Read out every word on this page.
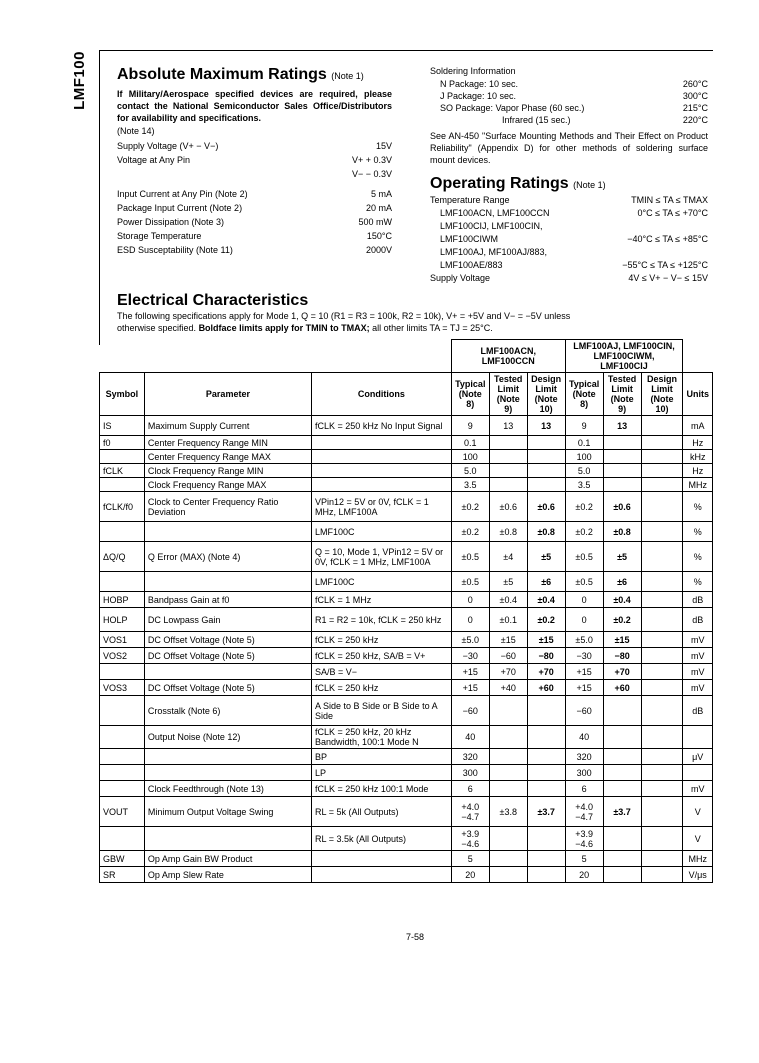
LMF100 Absolute Maximum Ratings (Note 1)
If Military/Aerospace specified devices are required, please contact the National Semiconductor Sales Office/Distributors for availability and specifications.
(Note 14)
Supply Voltage (V+ − V−)	15V
Voltage at Any Pin	V+ + 0.3V
V− − 0.3V
Input Current at Any Pin (Note 2)	5 mA
Package Input Current (Note 2)	20 mA
Power Dissipation (Note 3)	500 mW
Storage Temperature	150°C
ESD Susceptability (Note 11)	2000V
Soldering Information
N Package: 10 sec.	260°C
J Package: 10 sec.	300°C
SO Package: Vapor Phase (60 sec.)	215°C
Infrared (15 sec.)	220°C
See AN-450 "Surface Mounting Methods and Their Effect on Product Reliability" (Appendix D) for other methods of soldering surface mount devices.
Operating Ratings (Note 1)
Temperature Range	TMIN ≤ TA ≤ TMAX
LMF100ACN, LMF100CCN	0°C ≤ TA ≤ +70°C
LMF100CIJ, LMF100CIN,
LMF100CIWM	−40°C ≤ TA ≤ +85°C
LMF100AJ, MF100AJ/883,
LMF100AE/883	−55°C ≤ TA ≤ +125°C
Supply Voltage	4V ≤ V+ − V− ≤ 15V
Electrical Characteristics
The following specifications apply for Mode 1, Q = 10 (R1 = R3 = 100k, R2 = 10k), V+ = +5V and V− = −5V unless
otherwise specified. Boldface limits apply for TMIN to TMAX; all other limits TA = TJ = 25°C.
			LMF100ACN, LMF100CCN			LMF100AJ, LMF100CIN, LMF100CIWM, LMF100CIJ			
Symbol	Parameter	Conditions	Typical (Note 8)	Tested Limit (Note 9)	Design Limit (Note 10)	Typical (Note 8)	Tested Limit (Note 9)	Design Limit (Note 10)	Units
IS	Maximum Supply Current	fCLK = 250 kHz No Input Signal	9	13	13	9	13		mA
f0	Center Frequency Range MIN		0.1			0.1			Hz
	Center Frequency Range MAX		100			100			kHz
fCLK	Clock Frequency Range MIN		5.0			5.0			Hz
	Clock Frequency Range MAX		3.5			3.5			MHz
fCLK/f0	Clock to Center Frequency Ratio Deviation	VPin12 = 5V or 0V, fCLK = 1 MHz, LMF100A	±0.2	±0.6	±0.6	±0.2	±0.6		%
		LMF100C	±0.2	±0.8	±0.8	±0.2	±0.8		%
ΔQ/Q	Q Error (MAX) (Note 4)	Q = 10, Mode 1, VPin12 = 5V or 0V, fCLK = 1 MHz, LMF100A	±0.5	±4	±5	±0.5	±5		%
		LMF100C	±0.5	±5	±6	±0.5	±6		%
HOBP	Bandpass Gain at f0	fCLK = 1 MHz	0	±0.4	±0.4	0	±0.4		dB
HOLP	DC Lowpass Gain	R1 = R2 = 10k, fCLK = 250 kHz	0	±0.1	±0.2	0	±0.2		dB
VOS1	DC Offset Voltage (Note 5)	fCLK = 250 kHz	±5.0	±15	±15	±5.0	±15		mV
VOS2	DC Offset Voltage (Note 5)	fCLK = 250 kHz, SA/B = V+	−30	−60	−80	−30	−80		mV
		SA/B = V−	+15	+70	+70	+15	+70		mV
VOS3	DC Offset Voltage (Note 5)	fCLK = 250 kHz	+15	+40	+60	+15	+60		mV
	Crosstalk (Note 6)	A Side to B Side or B Side to A Side	−60			−60			dB
	Output Noise (Note 12)	fCLK = 250 kHz, 20 kHz Bandwidth, 100:1 Mode N	40			40			
		BP	320			320			μV
		LP	300			300			
	Clock Feedthrough (Note 13)	fCLK = 250 kHz 100:1 Mode	6			6			mV
VOUT	Minimum Output Voltage Swing	RL = 5k (All Outputs)	+4.0 −4.7	±3.8	±3.7	+4.0 −4.7	±3.7		V
		RL = 3.5k (All Outputs)	+3.9 −4.6			+3.9 −4.6			V
GBW	Op Amp Gain BW Product		5			5			MHz
SR	Op Amp Slew Rate		20			20			V/μs
7-58
